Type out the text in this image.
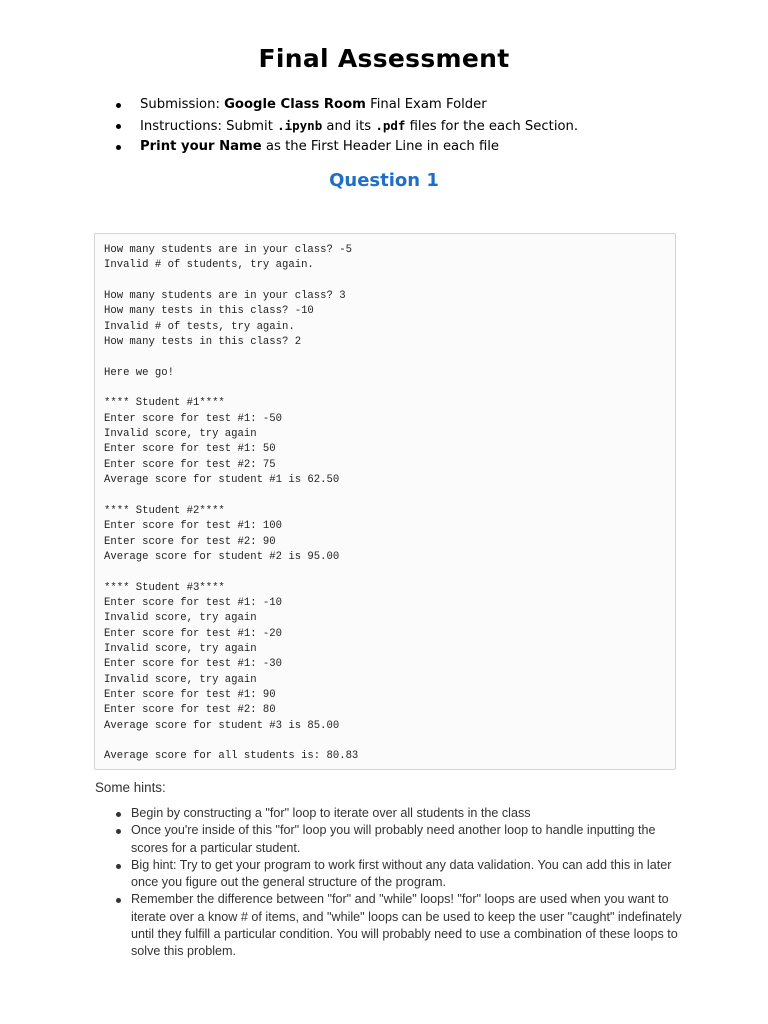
Final Assessment
Submission: Google Class Room Final Exam Folder
Instructions: Submit .ipynb and its .pdf files for the each Section.
Print your Name as the First Header Line in each file
Question 1
How many students are in your class? -5
Invalid # of students, try again.
How many students are in your class? 3
How many tests in this class? -10
Invalid # of tests, try again.
How many tests in this class? 2
Here we go!
**** Student #1****
Enter score for test #1: -50
Invalid score, try again
Enter score for test #1: 50
Enter score for test #2: 75
Average score for student #1 is 62.50
**** Student #2****
Enter score for test #1: 100
Enter score for test #2: 90
Average score for student #2 is 95.00
**** Student #3****
Enter score for test #1: -10
Invalid score, try again
Enter score for test #1: -20
Invalid score, try again
Enter score for test #1: -30
Invalid score, try again
Enter score for test #1: 90
Enter score for test #2: 80
Average score for student #3 is 85.00
Average score for all students is: 80.83
Some hints:
Begin by constructing a "for" loop to iterate over all students in the class
Once you're inside of this "for" loop you will probably need another loop to handle inputting the scores for a particular student.
Big hint: Try to get your program to work first without any data validation. You can add this in later once you figure out the general structure of the program.
Remember the difference between "for" and "while" loops! "for" loops are used when you want to iterate over a know # of items, and "while" loops can be used to keep the user "caught" indefinately until they fulfill a particular condition. You will probably need to use a combination of these loops to solve this problem.
